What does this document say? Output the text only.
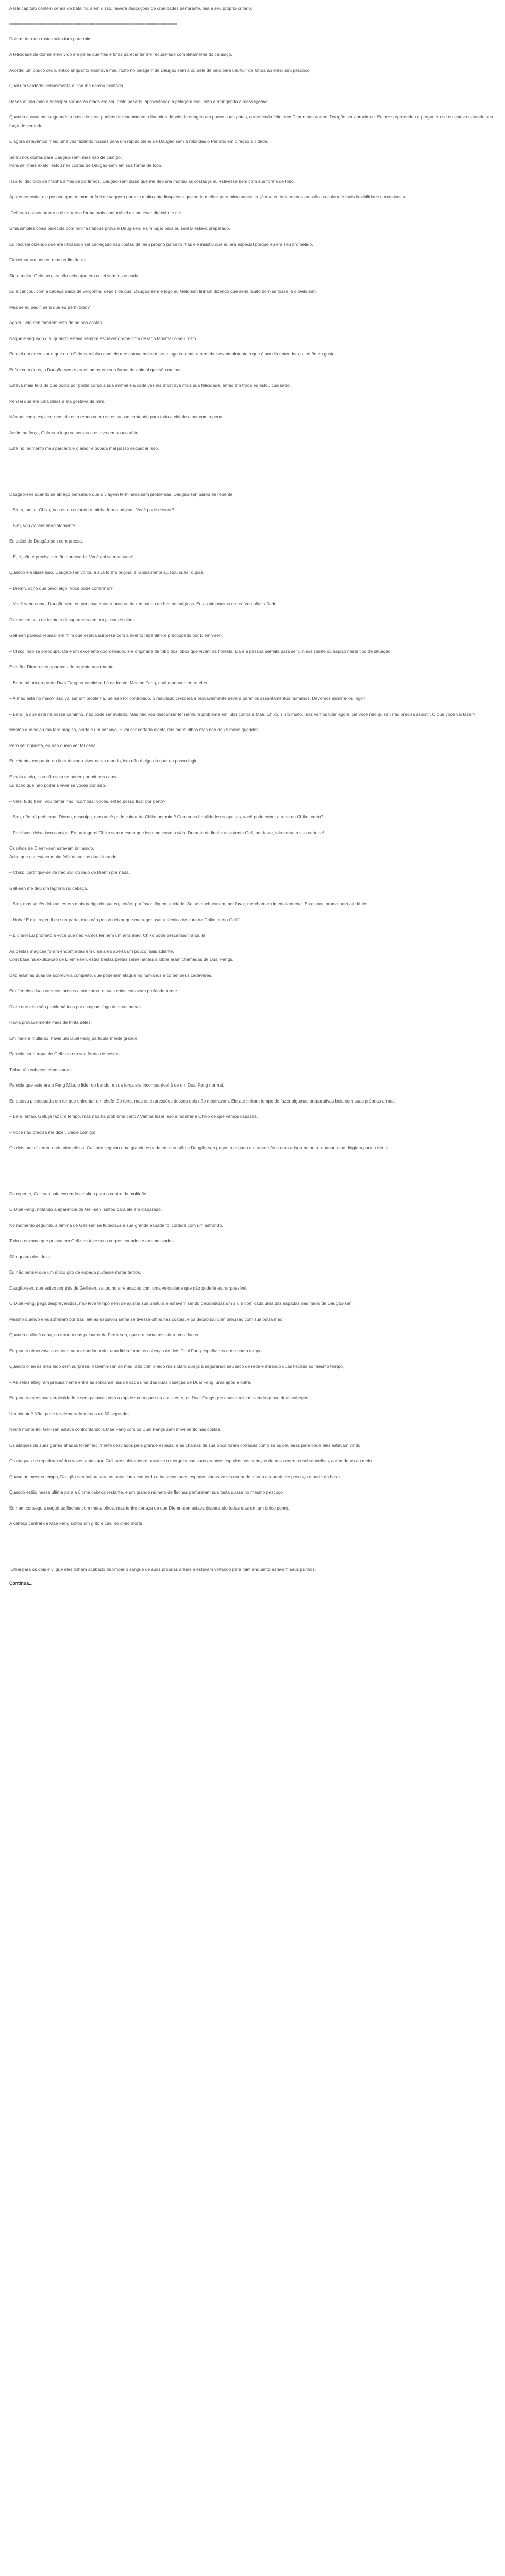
A Isla capítulo contém cenas de batalha, além disso, haverá descrições de crueldades perfurante. leia a seu próprio critério.

========================================================================

Dolorm ter uma rosto muito fará para mim.

A felicidade de dormir envolvido em peles quentes e fofas parecia ter me recuperado completamente do cansaço.

Acordei um pouco cedo, então enquanto ensinava meu rosto no pelagem de Daugão sem a ou pele de pelo para usufruir de fofura ao entar seu pescoço.

Qual um verdade incrivelmente e isso me deixou exaltada.

Bases minha mão e acesspei sorbea as mãos em seu peito pesado, aproveitando a pelagem enquanto a afringendo a massageava.

Quando estava massageando a base do seus punhos delicadamente a finamina depois de eringen um pouco suas patas, come havia feito com Diemn-sen antem. Daugão ser aproximou. Eu me sorpreendeu e pergunteu se eu estava tratando sua força de verdade.

E agora estávamos meio uma vez fazendo nossas para um rápido olehe de Daugão sem a roloridas o Penado em diração a cidade.

Seleu nos costas para Daugão-sem, mas não de castigo.
Para ser mais exato, estou nas costas de Daugão-sem em sua forma de lobo.

Isso foi decidido de manhã antes de partirmos. Daugão-sem disse que me deixaria montar as costas já eu estivesse bem com sua forma de lobo.

Aparentemente, ele pensou que eu montar fazi de vaquera parecia muito entediospeca e que seria melhor para mim montar-lo. já que eu teria menos pressão na coluna e mais flexibilidade e mantivesse.

Gell-sen estava pronto a dizer que a forma mais confortável de me levar diabinho e ele.

Uma simples coisa parecida com ornina nabous prova é Deug-sen, e um lugar para eu sentar estava preparado.

Eu recusei dizendo que era utilizando ser carregado nas costas de meu próprio parceiro mas ele insistiu que eu era especial porque eu era seu prometido.

Fiz teimar um pouco, mas no fim desisti.

Sinto muito, Gelo-sen, eu não acho que era cruel sem fosse nada.

Eu alcançou, com a cabeça baixa de vergonha, depois da qual Daugão-sem e logo eu Gelo-sen tinham dizendo que seria muito bom se fosse já o Gelo-sen.

Mas se eu pedir, será que eu permitirão?

Agora Gelo-sen também está de pé nos costas.

Naquele segundo dia, quando estava sempre escrevendo-me com de lado tamimar o seu rosto.

Pensei em amenizar o que o nó Gelo-sen falou com ele que estava muito triste e logo ia tomar a perceber eventualmente o que é um dia entender-os, então eu gostei.

Enfim com duas, o Daugão-sem e eu estamos em sua forma de animal que são melhor.

Estava mais feliz de que podia por poder corpo a sua animal e a cada vez ela mostrava mais sua felicidade, então em troca eu estou cuidando.

Pensei que era uma delas e ela gostava de mim.

Não sei como explicar mas ele está rendo como se estivesse contando para toda a cidade e ser com a pena.

Assim na força, Gelo-sen logo se sentou e estava um pouco aflito.

Está no momento meu parceiro e o amor é ouvida mal posso esquecer isso.

Daugão-sen quando se abraço pensando que o viagem terminaria sem problemas, Daugão-sen parou de repente.

– Sinto, muito, Chiko, nos estou colando à minha forma original. Você pode descer?

– Sim, vou descer imediatamente.

Eu saltei de Daugão-sen com pressa.

– É, é, não é precisa ser tão apressada. Você vai se machucar!

Quando ele disse isso, Daugão-sen voltou à sua forma original e rapidamente ajustou suas roupas.

– Diemn, acho que perdi algo. Você pode confirmar?

– Você sabe como, Daugão-sen, eu pensava estar à procura de um bando de bestas mágicas. Eu as vim muitas delas. Vou olhar afiado.

Diemn sen saiu de frente e desapareceu em um piscar de olhos.

Gell-sen parecia reparar em mim que estava surpresa com a evento repentino e preocupado por Diemn-sen.

– Chiko, não se preocupe. Da é um excelente coordenador, e é originária da tribo dos lobos que vivem na floresta. Da é a pessoa perfeita para ser um assistente ou espião nesta tipo de situação.

E então, Diemn-sen apareceu de repente novamente.

– Bem, há um grupo de Dual Fang no caminho. Lá na frente. Meelhe Fang, está mudando entre eles.

– A mão está no meio? isso vai ser um problema. Se isso for controlado, o resultado crescerá e provavelmente deverá parar os assentamentos humanos. Devemos eliminá-los logo?

– Bem, já que está na nossa caminho, não pode ser evitado. Mas não vou descansar ter nenhum problema em lutar contra a Mãe. Chiko, sinto muito, mas vamos lutar agora. Se você não quiser, não precisa assistir. O que você vai fazer?

Mesmo que seja uma fera mágica, ainda é um ser vivo. E vai ser cortado diante das meus olhos mas não deixe meus queridos.

Peró ser honesta, eu não quero ver tal cena.

Entretanto, enquanto eu ficar deixado viver nesta mundo, isto não é algo do qual eu posso fugir.

E mais ainda, isso não seja se poder por minhas causa.
Eu acho que não poderia viver se vocês por isso.

– Vale, tudo bem, vou tentar não incomodar vocês, então posso ficar por perto?

– Sim, não há problema. Diemn, desculpe, mas você pode cuidar de Chiko por mim? Com suas habilidades suspeitas, você pode cobrir a rede de Chiko, certo?

– Por favor, deixe isso comigo. Eu protegerei Chiko sem mesmo que isso me custe a vida. Durante de final e assistente Gell, por favor, tala sobre a sua carteira!

Os olhos de Diemn-sen estavam brilhando.
Acho que ela estava muito feliz de ver as duas lutando.

– Chiko, certifique-se de não sair do lado de Diemn por nada.

Gell-sen me deu um lágrima no cabeça.

– Sim, mas vocês dois voltes em mais perigo do que eu, então, por favor, fiquem cuidado. Se se machucarem, por favor, me chamem imediatamente. Eu estarei pronta para ajudá-los.

– Haha! É muito gentil da sua parte, mas não posso deixar que me reger usar a técnica de cura de Chiko, certo Gell?

– É claro! Eu prometo a você que não vamos ter nem um arranhão. Chiko pode descansar tranquila.

As bestas mágicas foram encontradas em uma área aberta um pouco mais adiante.
Com base na explicação de Diemn-sen, estas bestas pretas semelhantes a lobos eram chamadas de Dual Fangs.

Dez eram as duas de sobrevivia completo, que poderiam ataque ou humanos e comer seus cadáveres.

Em fiérteion duas cabeças presas a um corpo, e suas chias cortavam profundamente.

Diem que eles são problemáticos pois cuspam fogo de suas bocas.

Havia provavelmente mais de trinta deles.

Em meio à multidão, havia um Dual Fang particularmente grande.

Parecia ser a tropa de Gell-sen em sua forma de bestas.

Tinha três cabeças espessadas.

Parecia que este era o Fang Mãe, o líder do bando, e sua força era incomparável à de um Dual Fang normal.

Eu estava preocupada em ter que enfrentar um chefe tão forte, mas as expressões desses dois não mostravam. Ele até tinham tempo de fazer algumas preparativas bola com suas próprias armas.

– Bem, então, Gell, já faz um tempo, mas não há problema certo? Vamos fazer isso e mostrar a Chiko de que vamos capazes.

– Você não precisa me dizer. Deixe comigo!

Os dois mais fizeram nada além disso. Gell-sen seguinu uma grande espada em sua mão e Daugão-sen pegou a espada em uma mão e uma adaga na outra enquanto se dirigiam para a frente.

De repente, Gell-sen saiu correndo e saltou para o centro da multidão.

O Dual Fang, notando a aparência de Gell-sen, saltou para ele em disparado.

No momento seguinte, a lâmina de Gell-sen se fluteciava e sua grande espada foi cortada com um estrondo.

Todo o enxame que pulava em Gell-sen teve seus corpos cortados e arremessados.

São quatro das dezs.

Eu não pensei que um único giro de espada pudesse matar tantos.

Daugão-sen, que estivo por trás de Gell-sen, saltou no ar e acabou com uma velocidade que não poderia estrar possível.

O Dual Fang, pega desprevenidas, não teve tempo nem de ajustar sua postura e estavam sendo decapitadas um a um com cada uma das espadas nas mãos de Daugão-sen.

Mesmo quando eles sofreram por trás, ele as esquivou sema se tivesse olhos nas costas, e os decapitou com precisão com sua outra mão.

Quando estão à cena, na ternem das palavras de Ferro-sen, que era como assistir a uma dança.

Enquanto observava a evento, nem abandonando, uma linha fumo as cabeças de dois Dual Fang espelhadas em mesmo tempo.

Quando olhei as meu lado sem surpresa, o Diemn-sen ao meu lado com o lado mais claro que já a segurando seu arco de rede e atirando duas flechas ao mesmo tempo.

– As setas atingiram precisamente entre as sobrancelhas de cada uma das duas cabeças de Dual Fang, uma após a outra.

Enquanto eu estava perplexidade e sem palavras com a rapidez com que seu assistente, os Dual Fangs que estavam se movendo quase duas cabeças.

Um minuto? Não, pode ter demorado menos de 30 segundos.

Neste momento, Gell-sen estava confrontando a Mãe Fang com os Dual Fangs sem movimento nas costas.

Os ataques de suas garras afiadas foram facilmente desviados pela grande espada, e as chamas de sua boca foram cortadas como se as cauleiras para onde elas estavam vindo.

Os ataques se repetiram vários vezes antes que Gell-sen subitamente puxasse o mergulhasse suas grandes espadas nas cabeças de mais entre as sobrancelhas, cortando-as ao meio.

Quase ao mesmo tempo, Daugão-sen saltou para as patas lado esquerdo e balançou suas espadas várias vezes cortando a tudo esquerda de pescoço a partir da base.

Quando estão nessa última para a última cabeça restante, e um grande número de flechas perfuraram sua testa quase no mesmo pescoço.

Eu nem conseguia seguir as flechas com meus olhos, mas tenho certeza de que Diemn-sen estava disparando todas elas em um único ponto.

A cabeça central da Mãe Fang soltou um grito e caiu no chão morta.

Olhei para os dois e vi que eles tinham acabado de limpar o sangue de suas próprias armas e estavam voltando para mim enquanto estavam seus punhos.

Continua...
